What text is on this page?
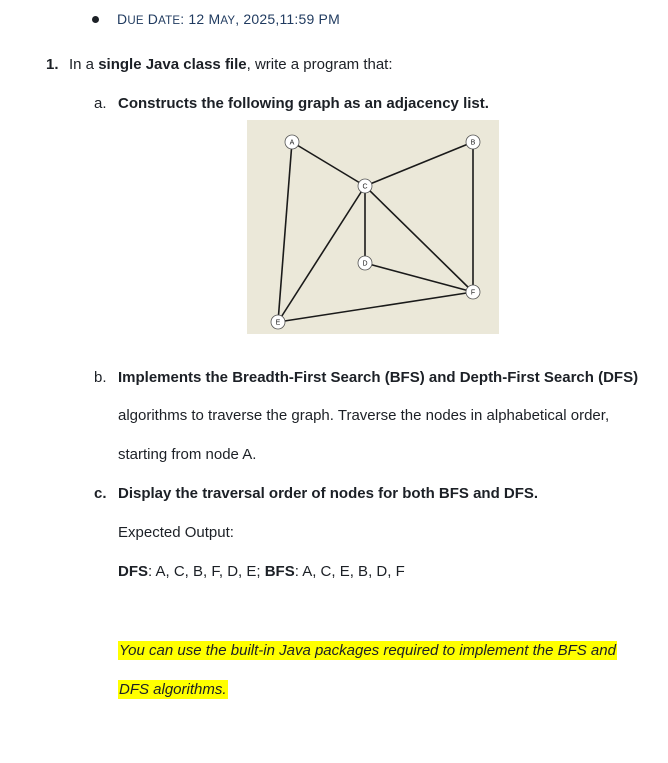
DUE DATE: 12 MAY, 2025,11:59 PM
1. In a single Java class file, write a program that:
a. Constructs the following graph as an adjacency list.
A	B
C
D
E
F
b. Implements the Breadth-First Search (BFS) and Depth-First Search (DFS)
algorithms to traverse the graph. Traverse the nodes in alphabetical order,
starting from node A.
c. Display the traversal order of nodes for both BFS and DFS.
Expected Output:
DFS: A, C, B, F, D, E; BFS: A, C, E, B, D, F
You can use the built-in Java packages required to implement the BFS and
DFS algorithms.
